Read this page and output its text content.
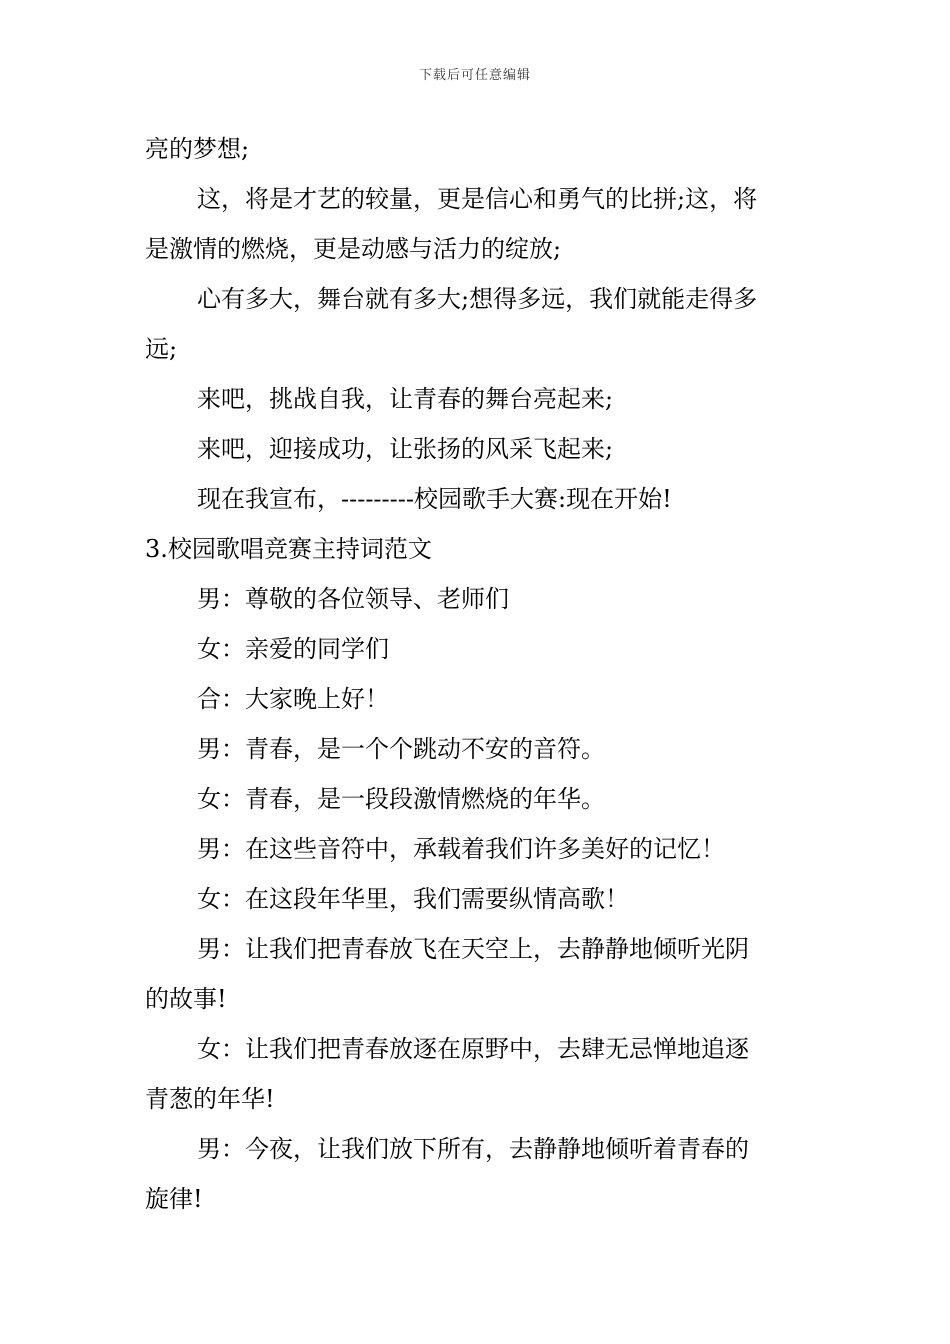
下载后可任意编辑
亮的梦想;
这，将是才艺的较量，更是信心和勇气的比拼;这，将
是激情的燃烧，更是动感与活力的绽放;
心有多大，舞台就有多大;想得多远，我们就能走得多
远;
来吧，挑战自我，让青春的舞台亮起来;
来吧，迎接成功，让张扬的风采飞起来;
现在我宣布，---------校园歌手大赛:现在开始!
3.校园歌唱竞赛主持词范文
男：尊敬的各位领导、老师们
女：亲爱的同学们
合：大家晚上好！
男：青春，是一个个跳动不安的音符。
女：青春，是一段段激情燃烧的年华。
男：在这些音符中，承载着我们许多美好的记忆！
女：在这段年华里，我们需要纵情高歌！
男：让我们把青春放飞在天空上，去静静地倾听光阴
的故事!
女：让我们把青春放逐在原野中，去肆无忌惮地追逐
青葱的年华!
男：今夜，让我们放下所有，去静静地倾听着青春的
旋律!
